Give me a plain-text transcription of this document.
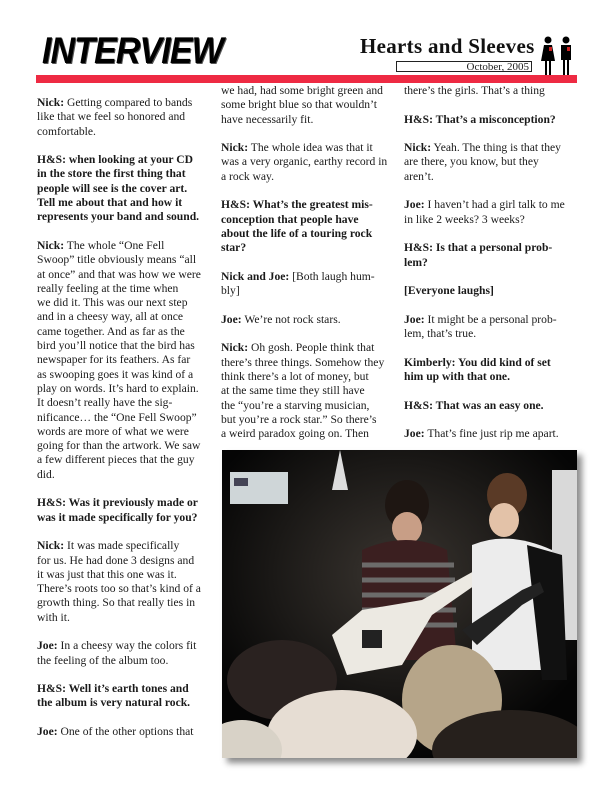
INTERVIEW	Hearts and Sleeves
October, 2005

Nick: Getting compared to bands
like that we feel so honored and
comfortable.

H&S: when looking at your CD
in the store the first thing that
people will see is the cover art.
Tell me about that and how it
represents your band and sound.

Nick: The whole “One Fell
Swoop” title obviously means “all
at once” and that was how we were
really feeling at the time when
we did it. This was our next step
and in a cheesy way, all at once
came together. And as far as the
bird you’ll notice that the bird has
newspaper for its feathers. As far
as swooping goes it was kind of a
play on words. It’s hard to explain.
It doesn’t really have the sig-
nificance… the “One Fell Swoop”
words are more of what we were
going for than the artwork. We saw
a few different pieces that the guy
did.

H&S: Was it previously made or
was it made specifically for you?

Nick: It was made specifically
for us. He had done 3 designs and
it was just that this one was it.
There’s roots too so that’s kind of a
growth thing. So that really ties in
with it.

Joe: In a cheesy way the colors fit
the feeling of the album too.

H&S: Well it’s earth tones and
the album is very natural rock.

Joe: One of the other options that

we had, had some bright green and
some bright blue so that wouldn’t
have necessarily fit.

Nick: The whole idea was that it
was a very organic, earthy record in
a rock way.

H&S: What’s the greatest mis-
conception that people have
about the life of a touring rock
star?

Nick and Joe: [Both laugh hum-
bly]

Joe: We’re not rock stars.

Nick: Oh gosh. People think that
there’s three things. Somehow they
think there’s a lot of money, but
at the same time they still have
the “you’re a starving musician,
but you’re a rock star.” So there’s
a weird paradox going on. Then

there’s the girls. That’s a thing

H&S: That’s a misconception?

Nick: Yeah. The thing is that they
are there, you know, but they
aren’t.

Joe: I haven’t had a girl talk to me
in like 2 weeks? 3 weeks?

H&S: Is that a personal prob-
lem?

[Everyone laughs]

Joe: It might be a personal prob-
lem, that’s true.

Kimberly: You did kind of set
him up with that one.

H&S: That was an easy one.

Joe: That’s fine just rip me apart.
